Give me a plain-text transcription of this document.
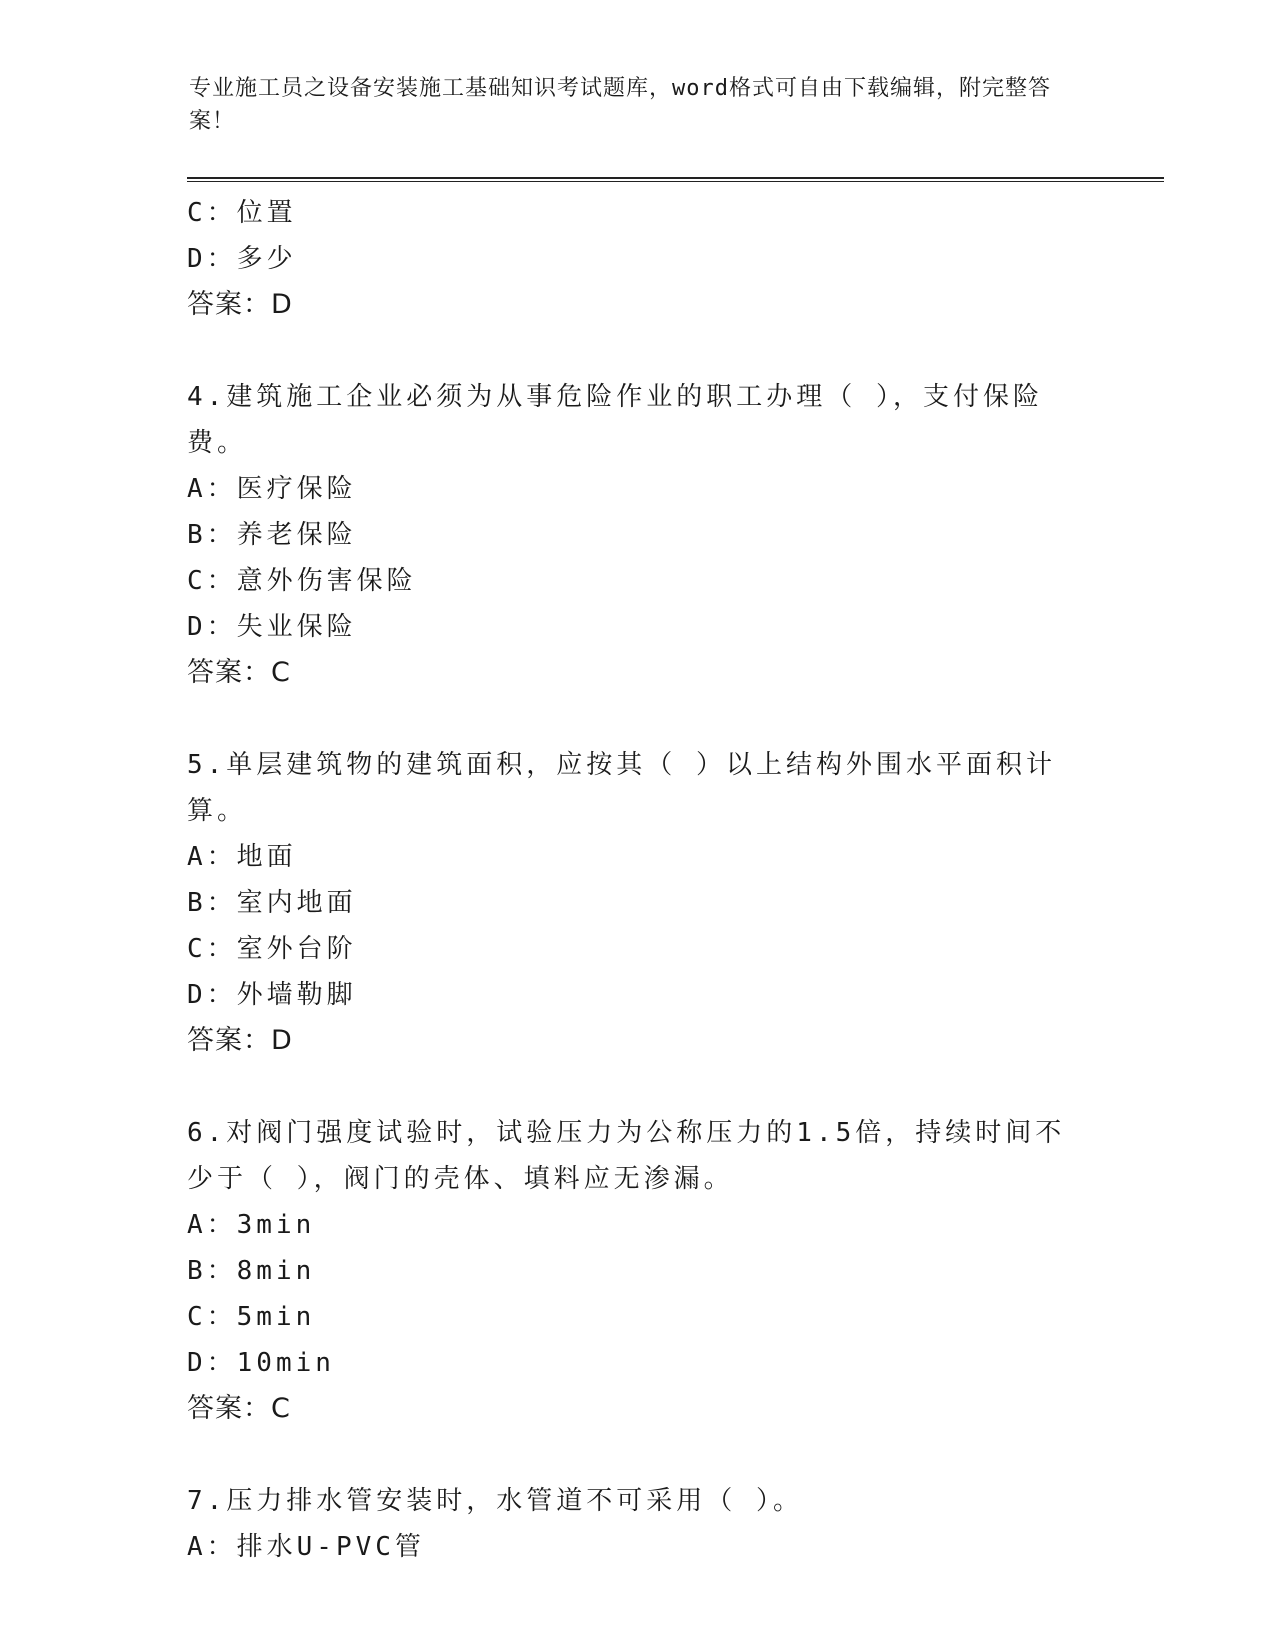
专业施工员之设备安装施工基础知识考试题库，word格式可自由下载编辑，附完整答案！
C：位置
D：多少
答案：D
4.建筑施工企业必须为从事危险作业的职工办理（ ），支付保险费。
A：医疗保险
B：养老保险
C：意外伤害保险
D：失业保险
答案：C
5.单层建筑物的建筑面积，应按其（ ）以上结构外围水平面积计算。
A：地面
B：室内地面
C：室外台阶
D：外墙勒脚
答案：D
6.对阀门强度试验时，试验压力为公称压力的1.5倍，持续时间不少于（ ），阀门的壳体、填料应无渗漏。
A：3min
B：8min
C：5min
D：10min
答案：C
7.压力排水管安装时，水管道不可采用（ ）。
A：排水U-PVC管
